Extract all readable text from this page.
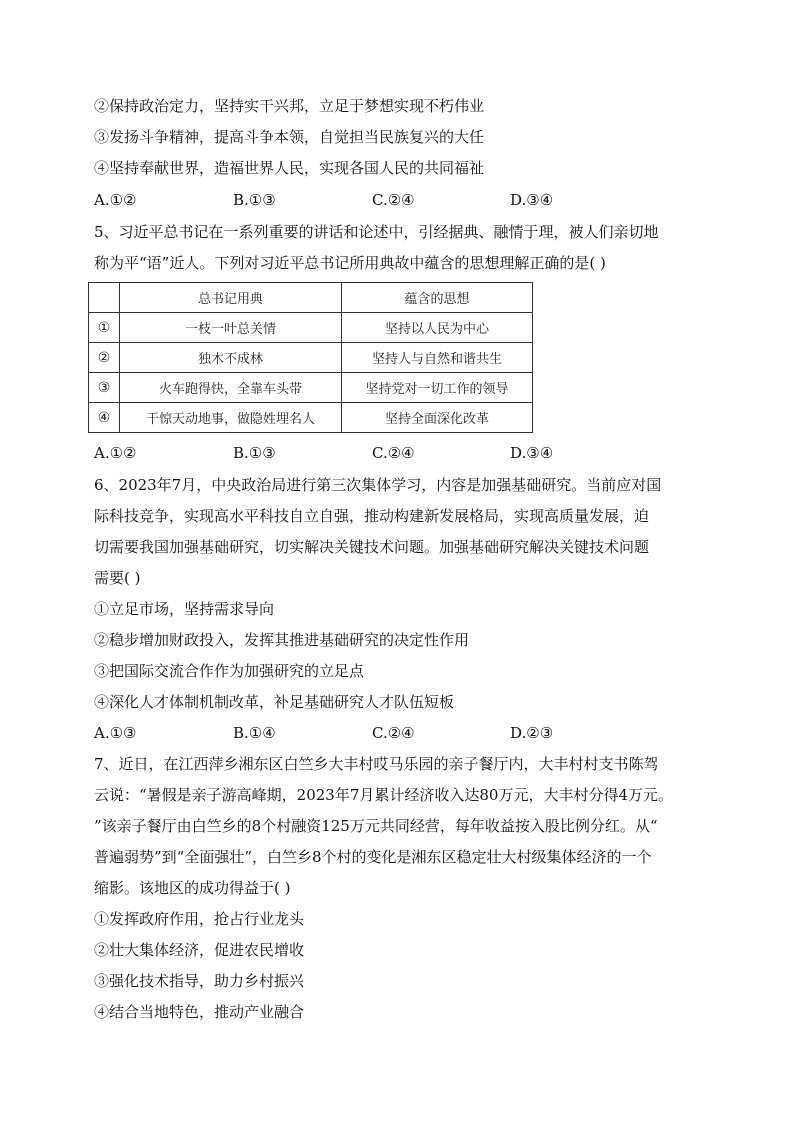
②保持政治定力，坚持实干兴邦，立足于梦想实现不朽伟业
③发扬斗争精神，提高斗争本领，自觉担当民族复兴的大任
④坚持奉献世界，造福世界人民，实现各国人民的共同福祉
A.①②	B.①③	C.②④	D.③④
5、习近平总书记在一系列重要的讲话和论述中，引经据典、融情于理，被人们亲切地
称为平“语”近人。下列对习近平总书记所用典故中蕴含的思想理解正确的是( )
	总书记用典	蕴含的思想
①	一枝一叶总关情	坚持以人民为中心
②	独木不成林	坚持人与自然和谐共生
③	火车跑得快，全靠车头带	坚持党对一切工作的领导
④	干惊天动地事，做隐姓埋名人	坚持全面深化改革
A.①②	B.①③	C.②④	D.③④
6、2023年7月，中央政治局进行第三次集体学习，内容是加强基础研究。当前应对国
际科技竞争，实现高水平科技自立自强，推动构建新发展格局，实现高质量发展，迫
切需要我国加强基础研究，切实解决关键技术问题。加强基础研究解决关键技术问题
需要( )
①立足市场，坚持需求导向
②稳步增加财政投入，发挥其推进基础研究的决定性作用
③把国际交流合作作为加强研究的立足点
④深化人才体制机制改革，补足基础研究人才队伍短板
A.①③	B.①④	C.②④	D.②③
7、近日，在江西萍乡湘东区白竺乡大丰村哎马乐园的亲子餐厅内，大丰村村支书陈驾
云说：“暑假是亲子游高峰期，2023年7月累计经济收入达80万元，大丰村分得4万元。
”该亲子餐厅由白竺乡的8个村融资125万元共同经营，每年收益按入股比例分红。从“
普遍弱势”到“全面强壮”，白竺乡8个村的变化是湘东区稳定壮大村级集体经济的一个
缩影。该地区的成功得益于( )
①发挥政府作用，抢占行业龙头
②壮大集体经济，促进农民增收
③强化技术指导，助力乡村振兴
④结合当地特色，推动产业融合
